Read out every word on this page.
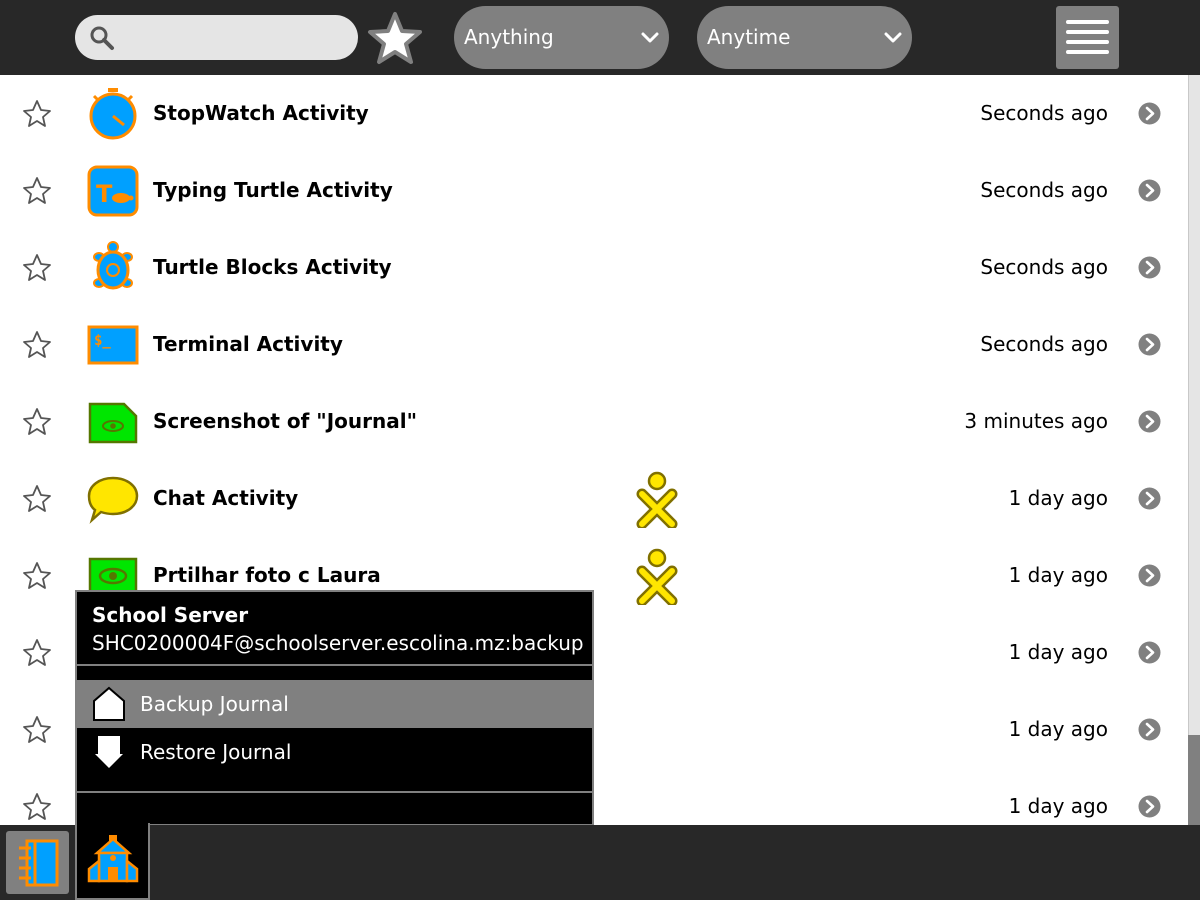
Anything	Anytime
StopWatch Activity	Seconds ago
T Typing Turtle Activity	Seconds ago
Turtle Blocks Activity	Seconds ago
$_ Terminal Activity	Seconds ago
Screenshot of "Journal"	3 minutes ago
Chat Activity	1 day ago
Prtilhar foto c Laura	1 day ago
1 day ago
1 day ago
1 day ago
School Server
SHC0200004F@schoolserver.escolina.mz:backup
Backup Journal
Restore Journal
